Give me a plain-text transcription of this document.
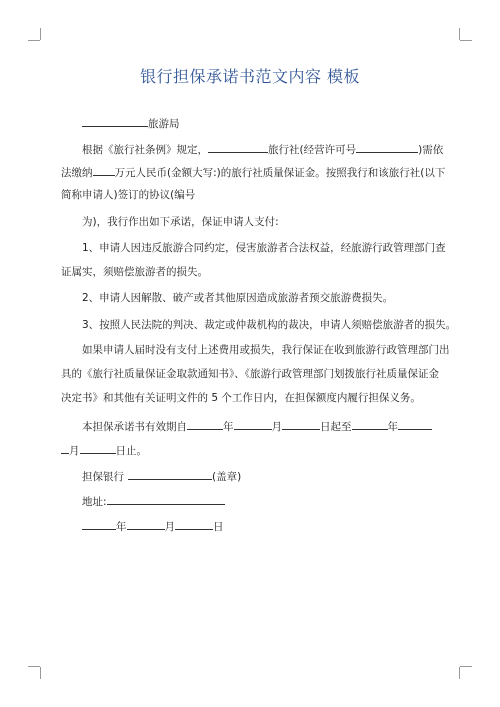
银行担保承诺书范文内容 模板
旅游局
根据《旅行社条例》规定，	旅行社(经营许可号	)需依
法缴纳 万元人民币(金额大写:)的旅行社质量保证金。按照我行和该旅行社(以下
简称申请人)签订的协议(编号
为)，我行作出如下承诺，保证申请人支付:
1、申请人因违反旅游合同约定，侵害旅游者合法权益，经旅游行政管理部门查
证属实，须赔偿旅游者的损失。
2、申请人因解散、破产或者其他原因造成旅游者预交旅游费损失。
3、按照人民法院的判决、裁定或仲裁机构的裁决，申请人须赔偿旅游者的损失。
如果申请人届时没有支付上述费用或损失，我行保证在收到旅游行政管理部门出
具的《旅行社质量保证金取款通知书》、《旅游行政管理部门划拨旅行社质量保证金
决定书》和其他有关证明文件的 5 个工作日内，在担保额度内履行担保义务。
本担保承诺书有效期自	年	月	日起至	年
月	日止。
担保银行	(盖章)
地址:
年	月	日
